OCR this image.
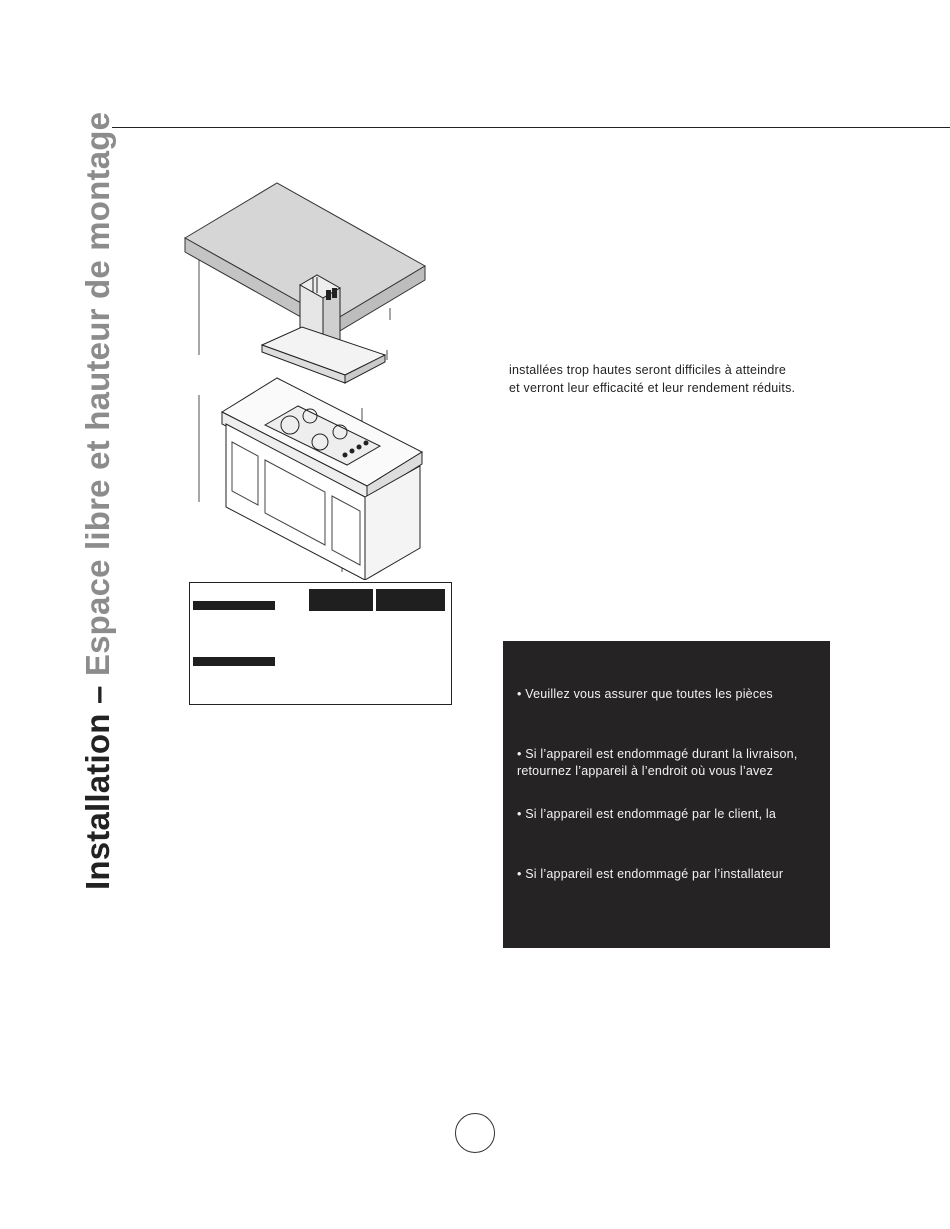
Installation – Espace libre et hauteur de montage	installées trop hautes seront difficiles à atteindre
et verront leur efficacité et leur rendement réduits.
• Veuillez vous assurer que toutes les pièces
• Si l’appareil est endommagé durant la livraison,
retournez l’appareil à l’endroit où vous l’avez
• Si l’appareil est endommagé par le client, la
• Si l’appareil est endommagé par l’installateur
